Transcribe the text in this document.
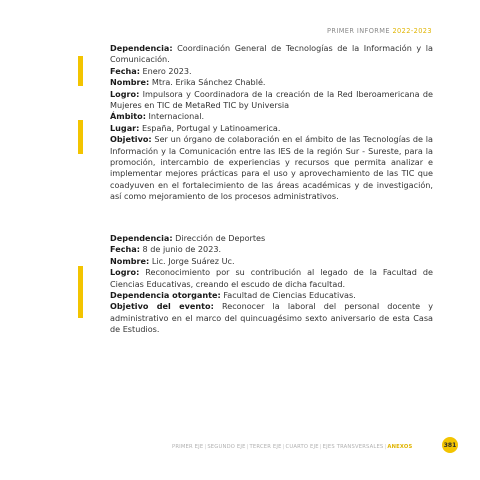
PRIMER INFORME 2022-2023

Dependencia: Coordinación General de Tecnologías de la Información y la Comunicación.

Fecha: Enero 2023.

Nombre: Mtra. Erika Sánchez Chablé.

Logro: Impulsora y Coordinadora de la creación de la Red Iberoamericana de Mujeres en TIC de MetaRed TIC by Universia

Ámbito: Internacional.

Lugar: España, Portugal y Latinoamerica.

Objetivo: Ser un órgano de colaboración en el ámbito de las Tecnologías de la Información y la Comunicación entre las IES de la región Sur - Sureste, para la promoción, intercambio de experiencias y recursos que permita analizar e implementar mejores prácticas para el uso y aprovechamiento de las TIC que coadyuven en el fortalecimiento de las áreas académicas y de investigación, así como mejoramiento de los procesos administrativos.

Dependencia: Dirección de Deportes

Fecha: 8 de junio de 2023.

Nombre: Lic. Jorge Suárez Uc.

Logro: Reconocimiento por su contribución al legado de la Facultad de Ciencias Educativas, creando el escudo de dicha facultad.

Dependencia otorgante: Facultad de Ciencias Educativas.

Objetivo del evento: Reconocer la laboral del personal docente y administrativo en el marco del quincuagésimo sexto aniversario de esta Casa de Estudios.

PRIMER EJE | SEGUNDO EJE | TERCER EJE | CUARTO EJE | EJES TRANSVERSALES | ANEXOS	381
